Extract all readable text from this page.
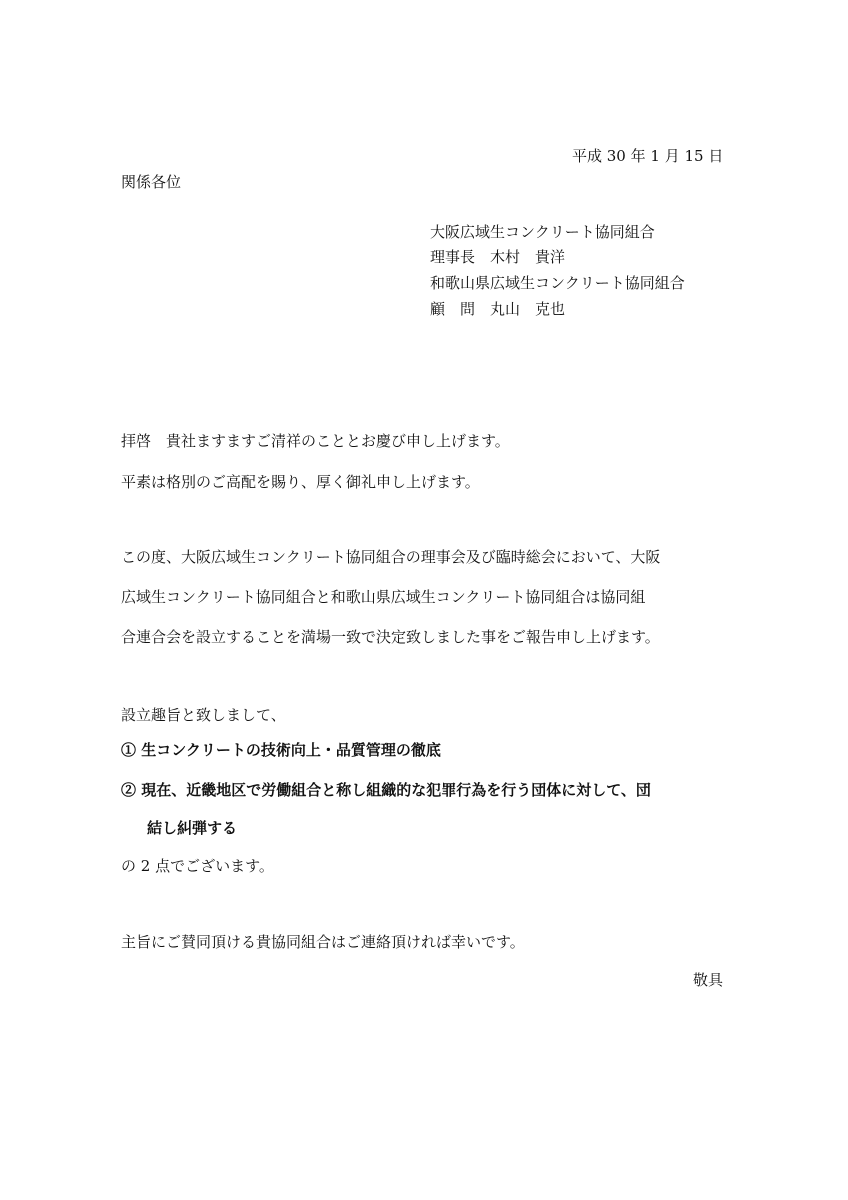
平成 30 年 1 月 15 日
関係各位
大阪広域生コンクリート協同組合
理事長　木村　貴洋
和歌山県広域生コンクリート協同組合
顧　問　丸山　克也
拝啓　貴社ますますご清祥のこととお慶び申し上げます。
平素は格別のご高配を賜り、厚く御礼申し上げます。
この度、大阪広域生コンクリート協同組合の理事会及び臨時総会において、大阪
広域生コンクリート協同組合と和歌山県広域生コンクリート協同組合は協同組
合連合会を設立することを満場一致で決定致しました事をご報告申し上げます。
設立趣旨と致しまして、
① 生コンクリートの技術向上・品質管理の徹底
② 現在、近畿地区で労働組合と称し組織的な犯罪行為を行う団体に対して、団
結し糾弾する
の 2 点でございます。
主旨にご賛同頂ける貴協同組合はご連絡頂ければ幸いです。
敬具
